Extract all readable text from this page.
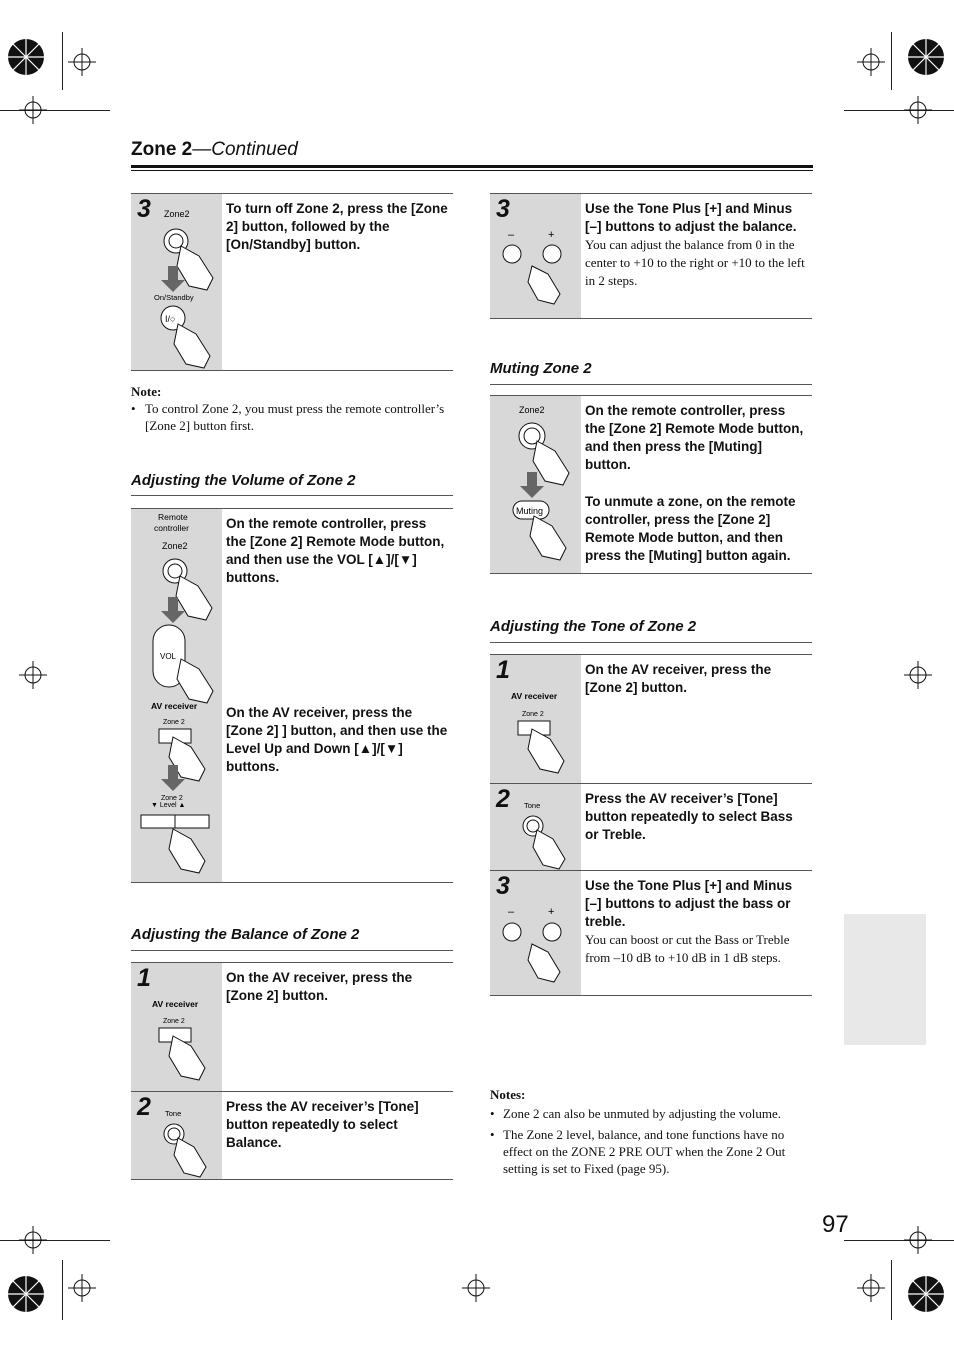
Zone 2—Continued
Zone2
On/Standby
I/○
3	To turn off Zone 2, press the [Zone 2] button, followed by the [On/Standby] button.
Note:
• To control Zone 2, you must press the remote controller’s [Zone 2] button first.
Adjusting the Volume of Zone 2
Remote
controller
Zone2
VOL
AV receiver
Zone 2
Zone 2
▼ Level ▲
On the remote controller, press the [Zone 2] Remote Mode button, and then use the VOL [▲]/[▼] buttons.
On the AV receiver, press the [Zone 2] ] button, and then use the Level Up and Down [▲]/[▼] buttons.
Adjusting the Balance of Zone 2
AV receiver
Zone 2
1	On the AV receiver, press the [Zone 2] button.
Tone
2	Press the AV receiver’s [Tone] button repeatedly to select Balance.
–	+
3	Use the Tone Plus [+] and Minus [–] buttons to adjust the balance.
You can adjust the balance from 0 in the center to +10 to the right or +10 to the left in 2 steps.
Muting Zone 2
Zone2
Muting
On the remote controller, press the [Zone 2] Remote Mode button, and then press the [Muting] button.
To unmute a zone, on the remote controller, press the [Zone 2] Remote Mode button, and then press the [Muting] button again.
Adjusting the Tone of Zone 2
AV receiver
Zone 2
1	On the AV receiver, press the [Zone 2] button.
Tone
2	Press the AV receiver’s [Tone] button repeatedly to select Bass or Treble.
–	+
3	Use the Tone Plus [+] and Minus [–] buttons to adjust the bass or treble.
You can boost or cut the Bass or Treble from –10 dB to +10 dB in 1 dB steps.
Notes:
• Zone 2 can also be unmuted by adjusting the volume.
• The Zone 2 level, balance, and tone functions have no effect on the ZONE 2 PRE OUT when the Zone 2 Out setting is set to Fixed (page 95).
97
